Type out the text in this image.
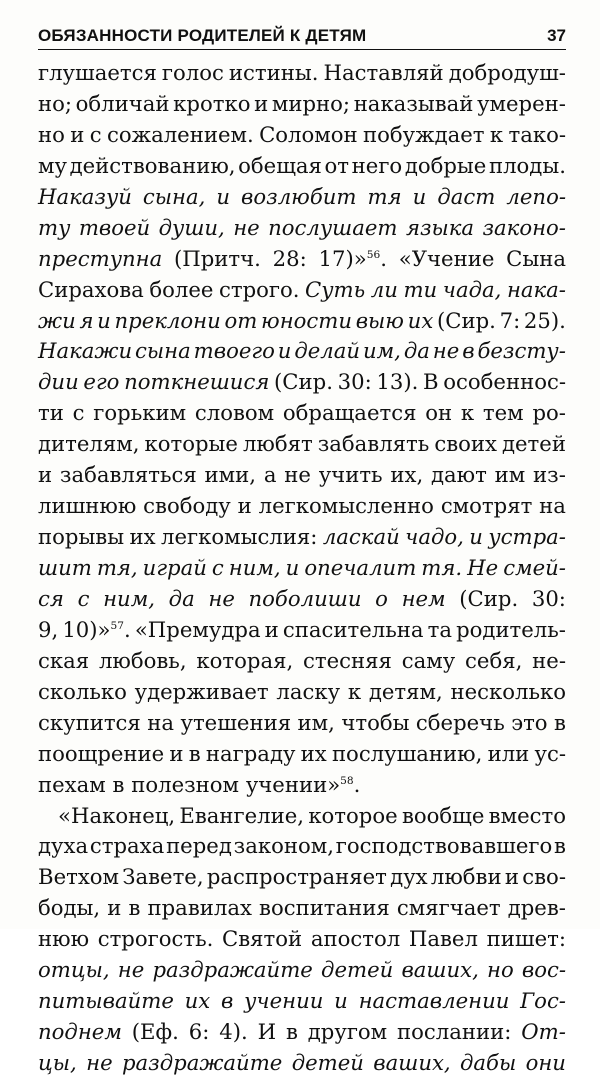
ОБЯЗАННОСТИ РОДИТЕЛЕЙ К ДЕТЯМ	37
глушается голос истины. Наставляй добродуш-
но; обличай кротко и мирно; наказывай умерен-
но и с сожалением. Соломон побуждает к тако-
му действованию, обещая от него добрые плоды.
Наказуй сына, и возлюбит тя и даст лепо-
ту твоей души, не послушает языка законо-
преступна (Притч. 28: 17)»$^{56}$. «Учение Сына
Сирахова более строго. Суть ли ти чада, нака-
жи я и преклони от юности выю их (Сир. 7: 25).
Накажи сына твоего и делай им, да не в безсту-
дии его поткнешися (Сир. 30: 13). В особеннос-
ти с горьким словом обращается он к тем ро-
дителям, которые любят забавлять своих детей
и забавляться ими, а не учить их, дают им из-
лишнюю свободу и легкомысленно смотрят на
порывы их легкомыслия: ласкай чадо, и устра-
шит тя, играй с ним, и опечалит тя. Не смей-
ся с ним, да не поболиши о нем (Сир. 30:
9, 10)»$^{57}$. «Премудра и спасительна та родитель-
ская любовь, которая, стесняя саму себя, не-
сколько удерживает ласку к детям, несколько
скупится на утешения им, чтобы сберечь это в
поощрение и в награду их послушанию, или ус-
пехам в полезном учении»$^{58}$.
«Наконец, Евангелие, которое вообще вместо
духа страха перед законом, господствовавшего в
Ветхом Завете, распространяет дух любви и сво-
боды, и в правилах воспитания смягчает древ-
нюю строгость. Святой апостол Павел пишет:
отцы, не раздражайте детей ваших, но вос-
питывайте их в учении и наставлении Гос-
поднем (Еф. 6: 4). И в другом послании: От-
цы, не раздражайте детей ваших, дабы они
